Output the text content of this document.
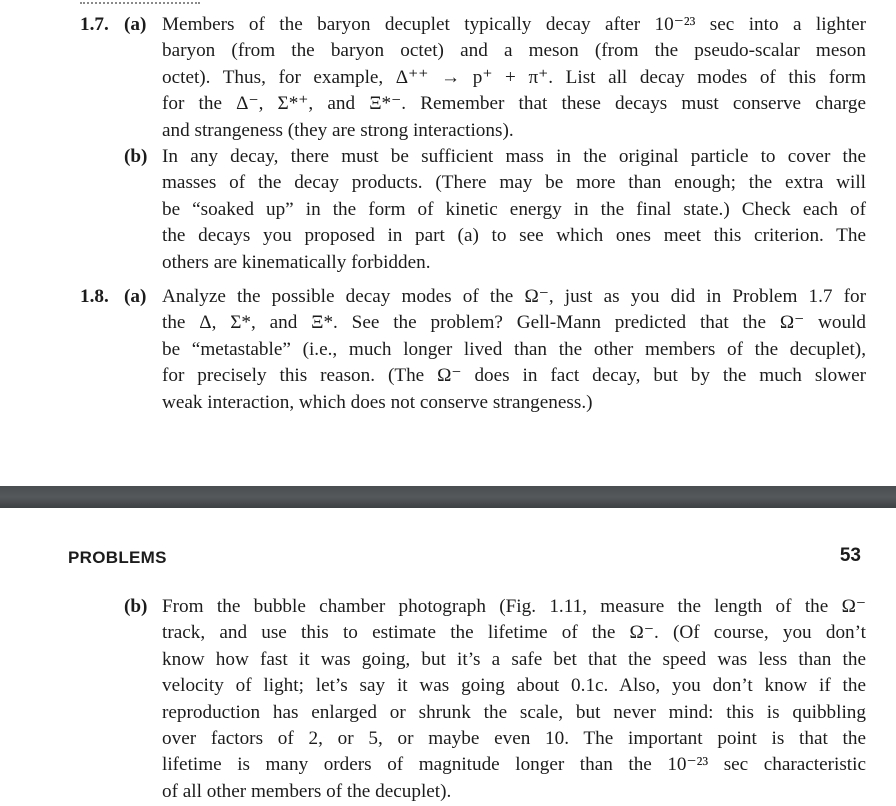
1.7. (a) Members of the baryon decuplet typically decay after 10⁻²³ sec into a lighter
baryon (from the baryon octet) and a meson (from the pseudo-scalar meson
octet). Thus, for example, Δ⁺⁺ → p⁺ + π⁺. List all decay modes of this form
for the Δ⁻, Σ*⁺, and Ξ*⁻. Remember that these decays must conserve charge
and strangeness (they are strong interactions).
(b) In any decay, there must be sufficient mass in the original particle to cover the
masses of the decay products. (There may be more than enough; the extra will
be “soaked up” in the form of kinetic energy in the final state.) Check each of
the decays you proposed in part (a) to see which ones meet this criterion. The
others are kinematically forbidden.
1.8. (a) Analyze the possible decay modes of the Ω⁻, just as you did in Problem 1.7 for
the Δ, Σ*, and Ξ*. See the problem? Gell-Mann predicted that the Ω⁻ would
be “metastable” (i.e., much longer lived than the other members of the decuplet),
for precisely this reason. (The Ω⁻ does in fact decay, but by the much slower
weak interaction, which does not conserve strangeness.)
PROBLEMS	53
(b) From the bubble chamber photograph (Fig. 1.11, measure the length of the Ω⁻
track, and use this to estimate the lifetime of the Ω⁻. (Of course, you don’t
know how fast it was going, but it’s a safe bet that the speed was less than the
velocity of light; let’s say it was going about 0.1c. Also, you don’t know if the
reproduction has enlarged or shrunk the scale, but never mind: this is quibbling
over factors of 2, or 5, or maybe even 10. The important point is that the
lifetime is many orders of magnitude longer than the 10⁻²³ sec characteristic
of all other members of the decuplet).
